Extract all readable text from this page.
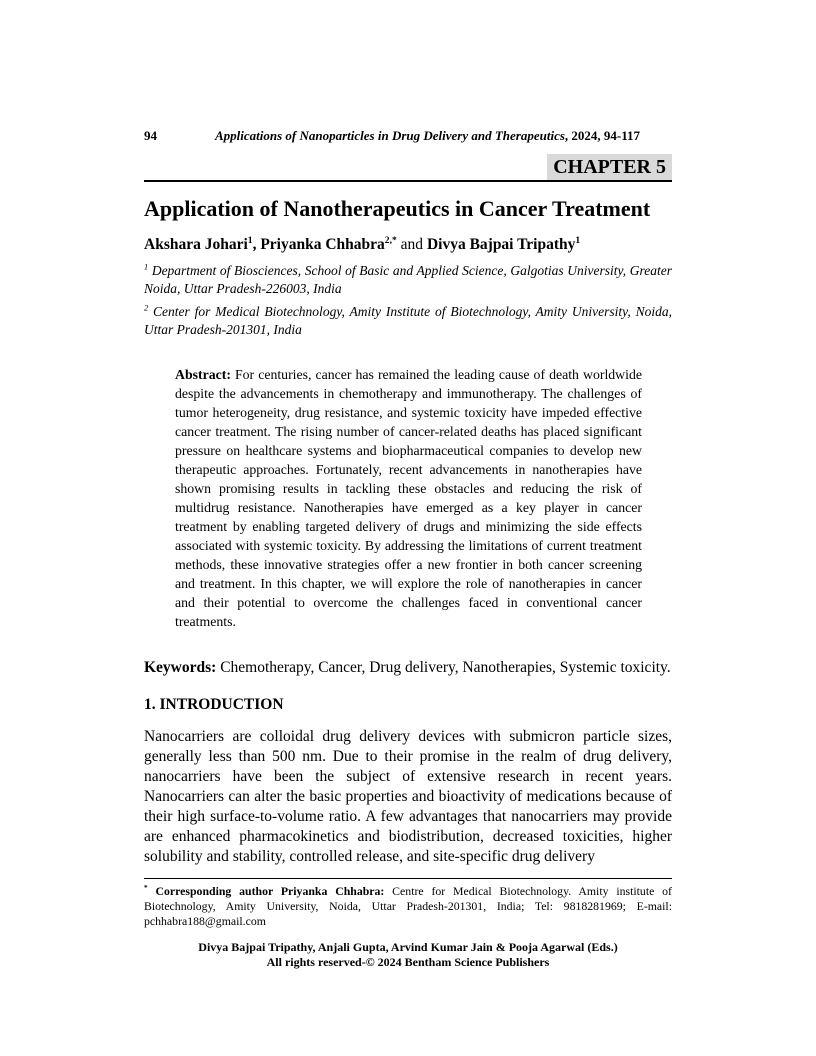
94	Applications of Nanoparticles in Drug Delivery and Therapeutics, 2024, 94-117
CHAPTER 5
Application of Nanotherapeutics in Cancer Treatment
Akshara Johari$^1$, Priyanka Chhabra$^{2,*}$ and Divya Bajpai Tripathy$^1$

$^1$ Department of Biosciences, School of Basic and Applied Science, Galgotias University, Greater Noida, Uttar Pradesh-226003, India

$^2$ Center for Medical Biotechnology, Amity Institute of Biotechnology, Amity University, Noida, Uttar Pradesh-201301, India

Abstract: For centuries, cancer has remained the leading cause of death worldwide despite the advancements in chemotherapy and immunotherapy. The challenges of tumor heterogeneity, drug resistance, and systemic toxicity have impeded effective cancer treatment. The rising number of cancer-related deaths has placed significant pressure on healthcare systems and biopharmaceutical companies to develop new therapeutic approaches. Fortunately, recent advancements in nanotherapies have shown promising results in tackling these obstacles and reducing the risk of multidrug resistance. Nanotherapies have emerged as a key player in cancer treatment by enabling targeted delivery of drugs and minimizing the side effects associated with systemic toxicity. By addressing the limitations of current treatment methods, these innovative strategies offer a new frontier in both cancer screening and treatment. In this chapter, we will explore the role of nanotherapies in cancer and their potential to overcome the challenges faced in conventional cancer treatments.
Keywords: Chemotherapy, Cancer, Drug delivery, Nanotherapies, Systemic toxicity.
1. INTRODUCTION
Nanocarriers are colloidal drug delivery devices with submicron particle sizes, generally less than 500 nm. Due to their promise in the realm of drug delivery, nanocarriers have been the subject of extensive research in recent years. Nanocarriers can alter the basic properties and bioactivity of medications because of their high surface-to-volume ratio. A few advantages that nanocarriers may provide are enhanced pharmacokinetics and biodistribution, decreased toxicities, higher solubility and stability, controlled release, and site-specific drug delivery
* Corresponding author Priyanka Chhabra: Centre for Medical Biotechnology. Amity institute of Biotechnology, Amity University, Noida, Uttar Pradesh-201301, India; Tel: 9818281969; E-mail: pchhabra188@gmail.com
Divya Bajpai Tripathy, Anjali Gupta, Arvind Kumar Jain & Pooja Agarwal (Eds.)
All rights reserved-© 2024 Bentham Science Publishers
